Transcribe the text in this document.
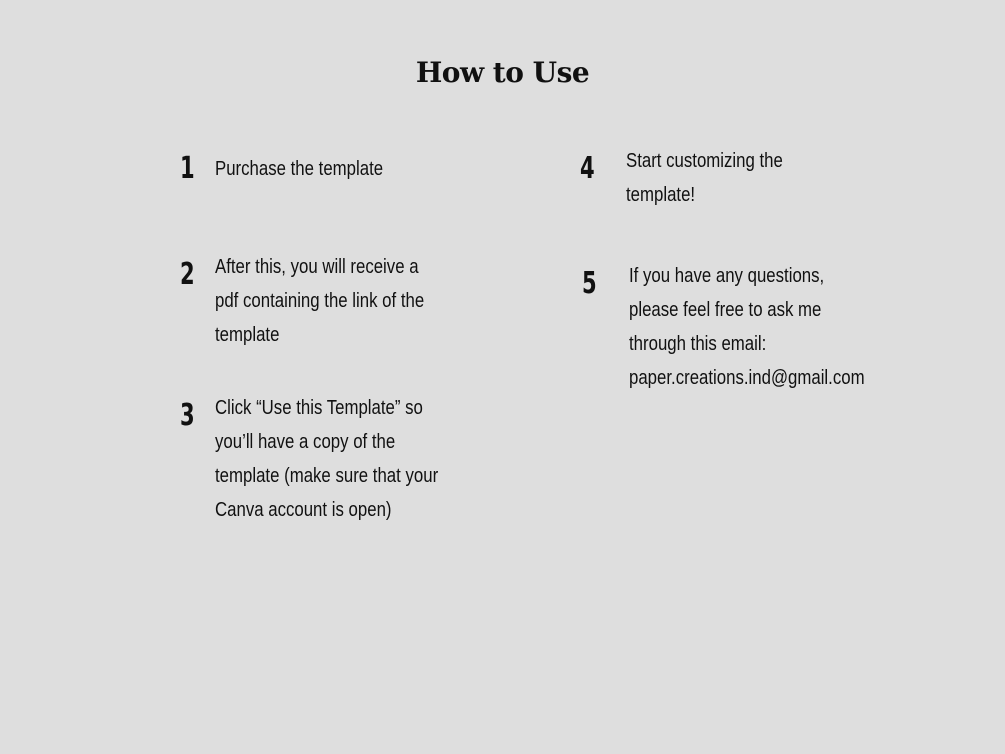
How to Use
1 Purchase the template
2 After this, you will receive a
pdf containing the link of the
template
3 Click “Use this Template” so
you’ll have a copy of the
template (make sure that your
Canva account is open)
4 Start customizing the
template!
5 If you have any questions,
please feel free to ask me
through this email:
paper.creations.ind@gmail.com
